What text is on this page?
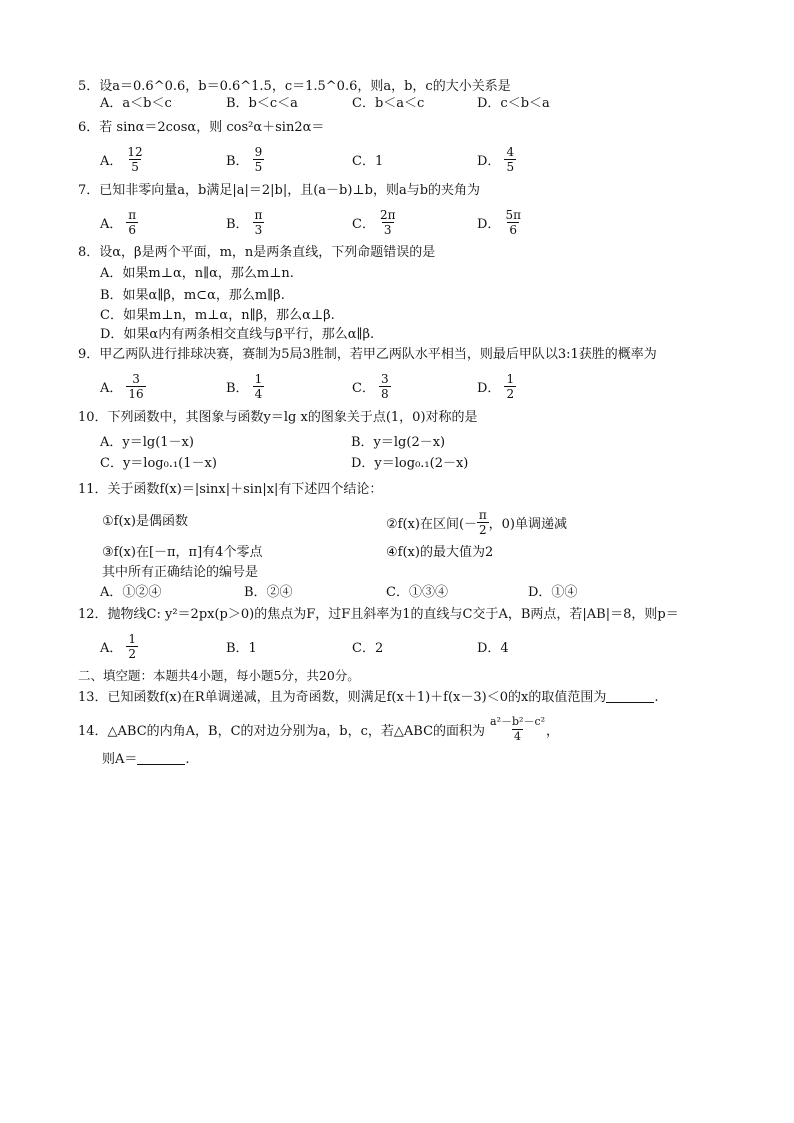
5．设a＝0.6^0.6，b＝0.6^1.5，c＝1.5^0.6，则a，b，c的大小关系是
A．a＜b＜c	B．b＜c＜a	C．b＜a＜c	D．c＜b＜a
6．若 sinα＝2cosα，则 cos²α＋sin2α＝
A．
12
5	B．
9
5	C．1	D．
4
5
7．已知非零向量a，b满足|a|＝2|b|，且(a－b)⊥b，则a与b的夹角为
A．
π
6	B．
π
3	C．
2π
3	D．
5π
6
8．设α，β是两个平面，m，n是两条直线，下列命题错误的是
A．如果m⊥α，n∥α，那么m⊥n.
B．如果α∥β，m⊂α，那么m∥β.
C．如果m⊥n，m⊥α，n∥β，那么α⊥β.
D．如果α内有两条相交直线与β平行，那么α∥β.
9．甲乙两队进行排球决赛，赛制为5局3胜制，若甲乙两队水平相当，则最后甲队以3:1获胜的概率为
A．
3
16	B．
1
4	C．
3
8	D．
1
2
10．下列函数中，其图象与函数y＝lg x的图象关于点(1，0)对称的是
A．y＝lg(1－x)	B．y＝lg(2－x)
C．y＝log₀.₁(1－x)	D．y＝log₀.₁(2－x)
11．关于函数f(x)＝|sinx|＋sin|x|有下述四个结论：
①f(x)是偶函数	②f(x)在区间(－
π
2 ，0)单调递减
③f(x)在[－π，π]有4个零点	④f(x)的最大值为2
其中所有正确结论的编号是
A．①②④	B．②④	C．①③④	D．①④
12．抛物线C: y²＝2px(p＞0)的焦点为F，过F且斜率为1的直线与C交于A，B两点，若|AB|＝8，则p＝
A．
1
2	B．1	C．2	D．4
二、填空题：本题共4小题，每小题5分，共20分。
13．已知函数f(x)在R单调递减，且为奇函数，则满足f(x＋1)＋f(x－3)＜0的x的取值范围为	.
14．△ABC的内角A，B，C的对边分别为a，b，c，若△ABC的面积为
a²－b²－c²
4 ，
则A＝	.
